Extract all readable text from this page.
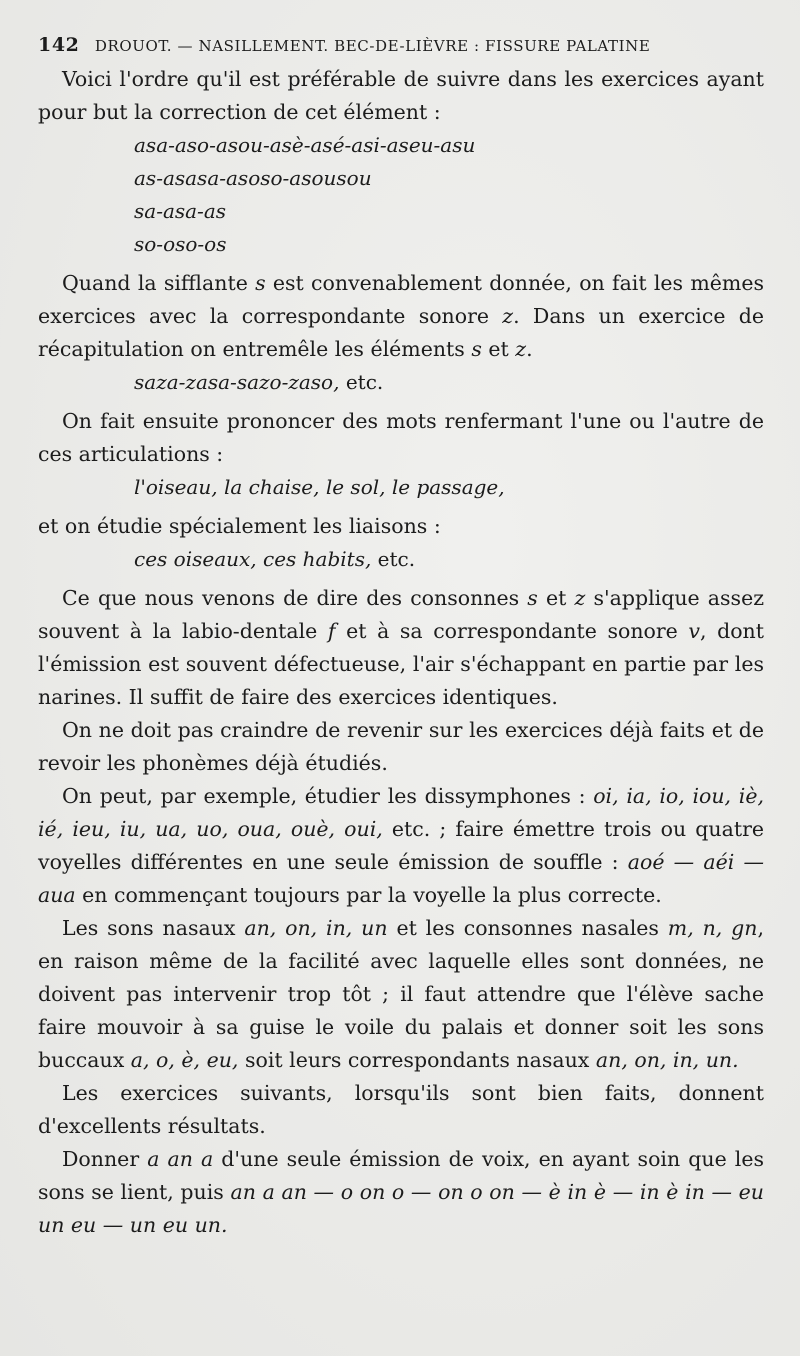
142 DROUOT. — NASILLEMENT. BEC-DE-LIÈVRE : FISSURE PALATINE

Voici l'ordre qu'il est préférable de suivre dans les exercices ayant pour but la correction de cet élément :

asa-aso-asou-asè-asé-asi-aseu-asu
as-asasa-asoso-asousou
sa-asa-as
so-oso-os

Quand la sifflante s est convenablement donnée, on fait les mêmes exercices avec la correspondante sonore z. Dans un exercice de récapitulation on entremêle les éléments s et z.

saza-zasa-sazo-zaso, etc.

On fait ensuite prononcer des mots renfermant l'une ou l'autre de ces articulations :

l'oiseau, la chaise, le sol, le passage,

et on étudie spécialement les liaisons :

ces oiseaux, ces habits, etc.

Ce que nous venons de dire des consonnes s et z s'applique assez souvent à la labio-dentale f et à sa correspondante sonore v, dont l'émission est souvent défectueuse, l'air s'échappant en partie par les narines. Il suffit de faire des exercices identiques.

On ne doit pas craindre de revenir sur les exercices déjà faits et de revoir les phonèmes déjà étudiés.

On peut, par exemple, étudier les dissymphones : oi, ia, io, iou, iè, ié, ieu, iu, ua, uo, oua, ouè, oui, etc. ; faire émettre trois ou quatre voyelles différentes en une seule émission de souffle : aoé — aéi — aua en commençant toujours par la voyelle la plus correcte.

Les sons nasaux an, on, in, un et les consonnes nasales m, n, gn, en raison même de la facilité avec laquelle elles sont données, ne doivent pas intervenir trop tôt ; il faut attendre que l'élève sache faire mouvoir à sa guise le voile du palais et donner soit les sons buccaux a, o, è, eu, soit leurs correspondants nasaux an, on, in, un.

Les exercices suivants, lorsqu'ils sont bien faits, donnent d'excellents résultats.

Donner a an a d'une seule émission de voix, en ayant soin que les sons se lient, puis an a an — o on o — on o on — è in è — in è in — eu un eu — un eu un.
